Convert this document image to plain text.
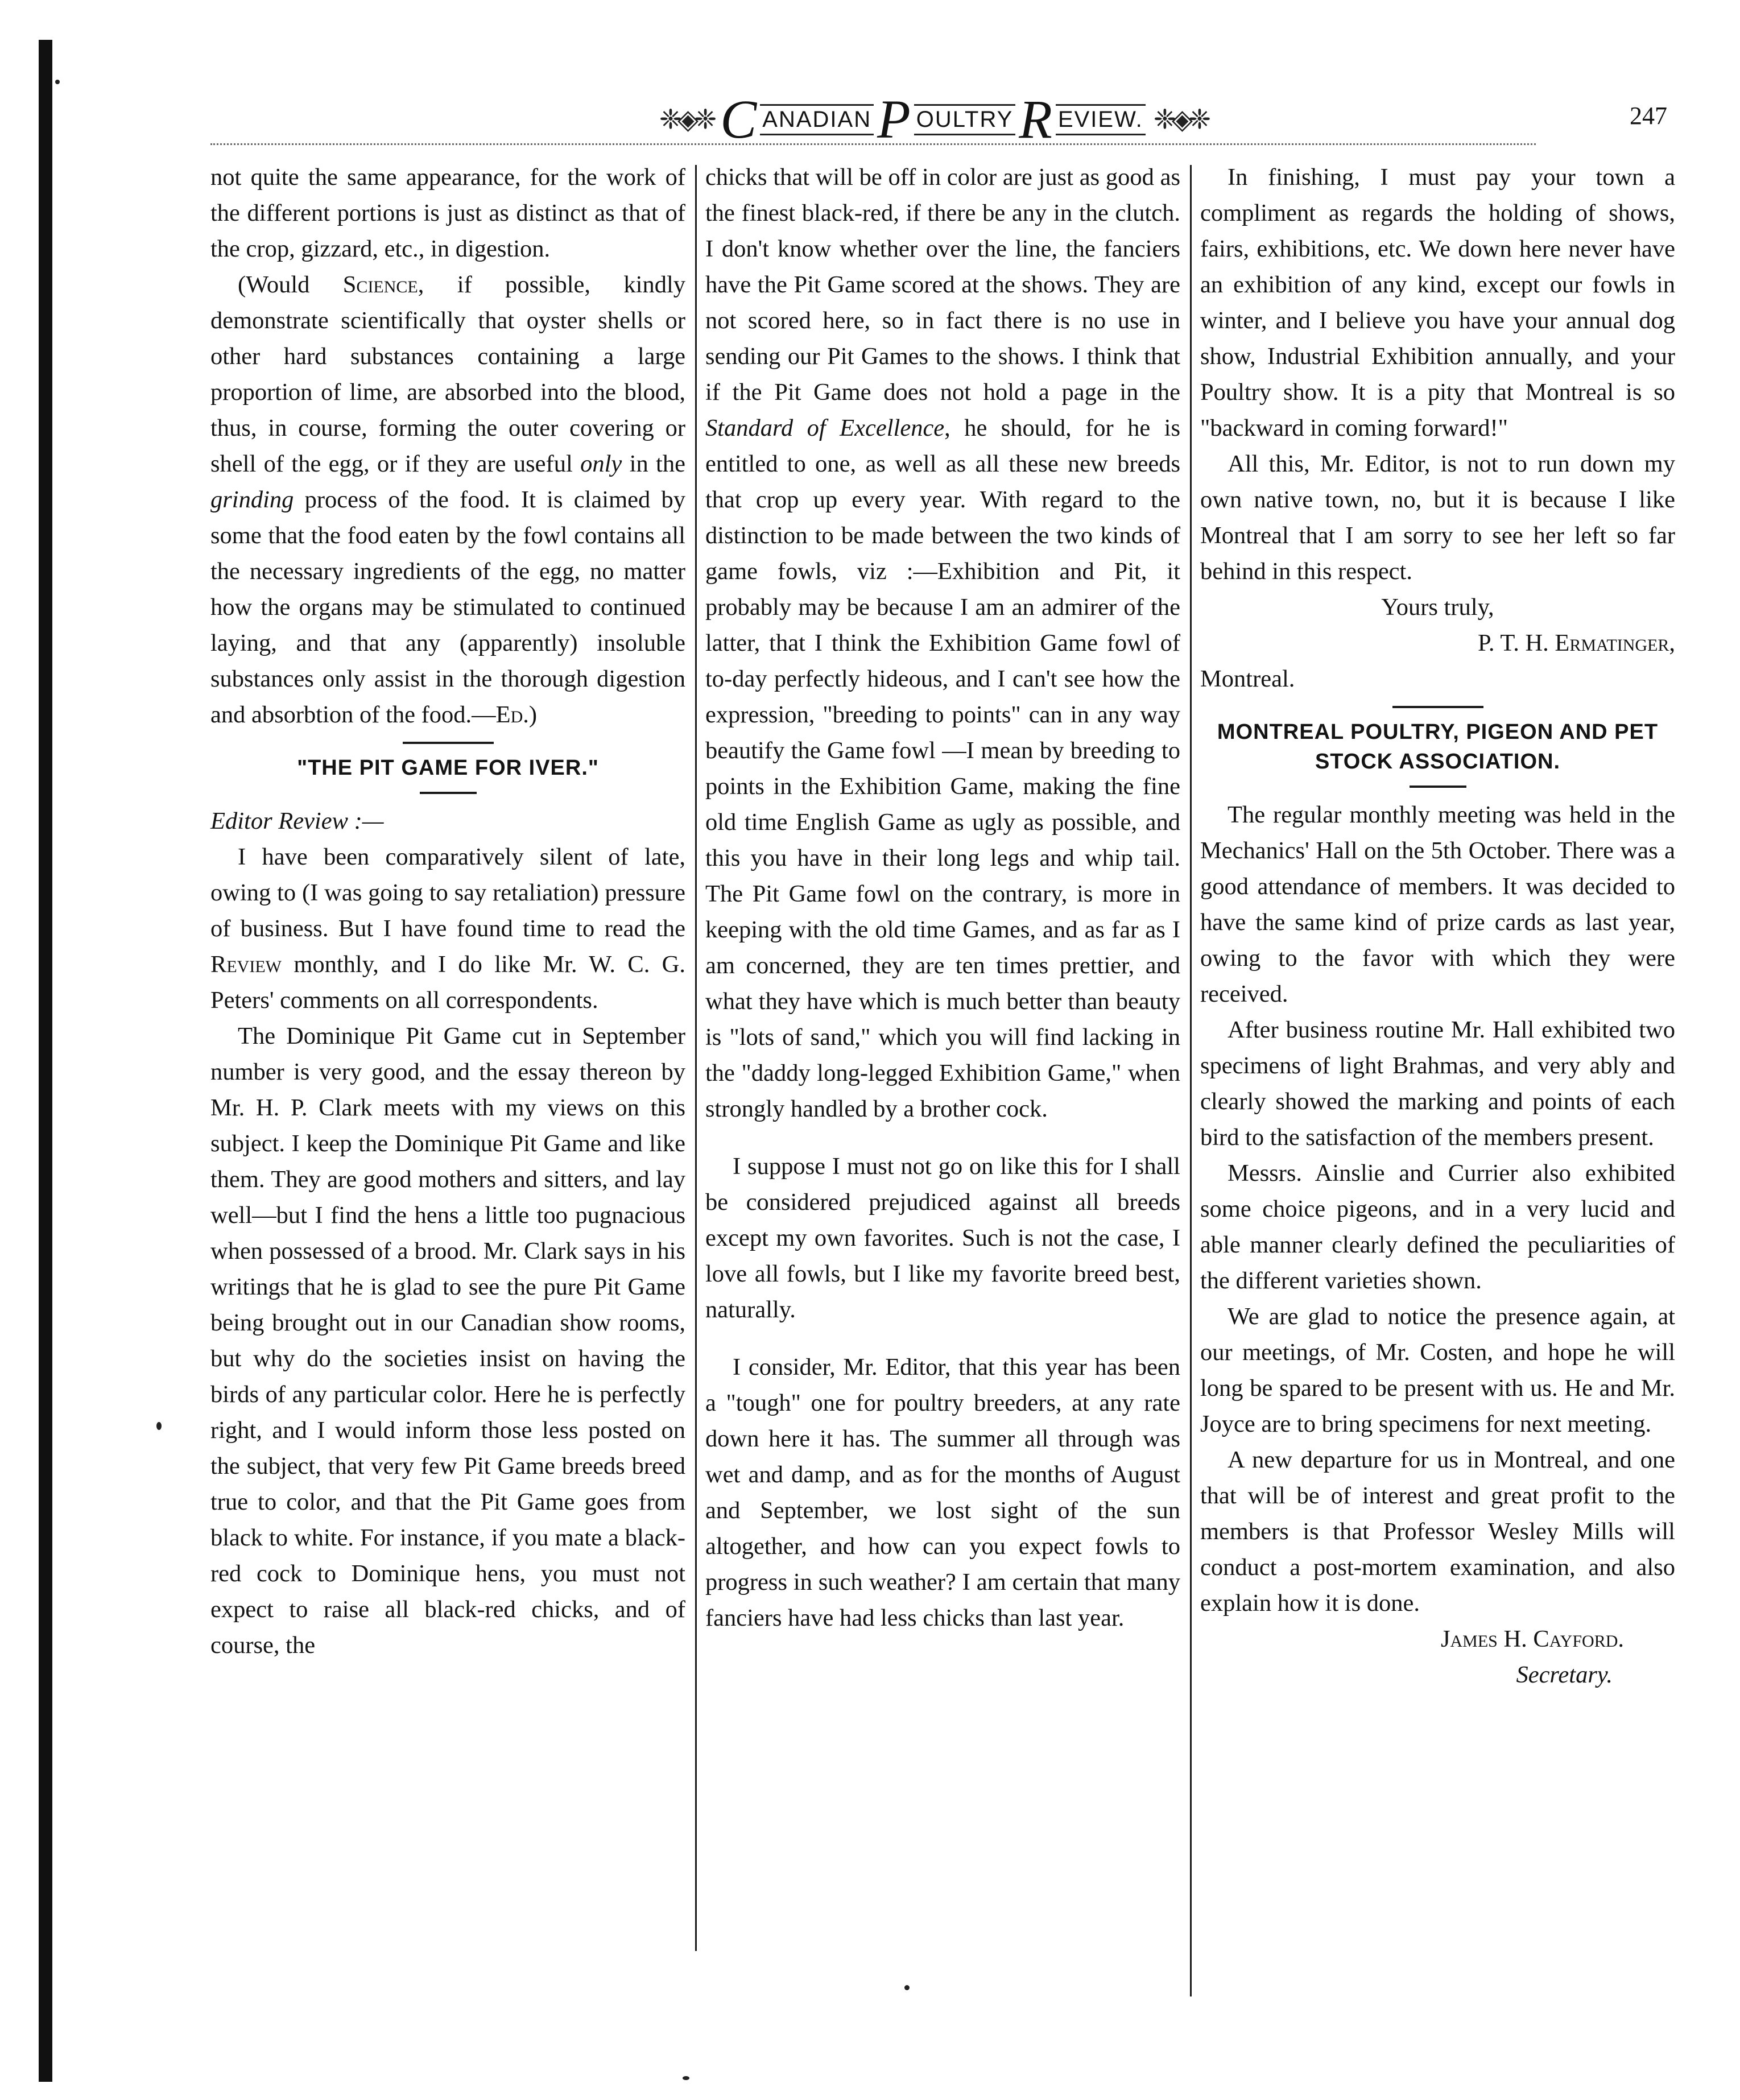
❈◈❈ C ANADIAN P OULTRY R EVIEW. ❈◈❈	247

not quite the same appearance, for the work of the different portions is just as distinct as that of the crop, gizzard, etc., in digestion.

(Would Science, if possible, kindly demonstrate scientifically that oyster shells or other hard substances containing a large proportion of lime, are absorbed into the blood, thus, in course, forming the outer covering or shell of the egg, or if they are useful only in the grinding process of the food. It is claimed by some that the food eaten by the fowl contains all the necessary ingredients of the egg, no matter how the organs may be stimulated to continued laying, and that any (apparently) insoluble substances only assist in the thorough digestion and absorbtion of the food.—Ed.)

"THE PIT GAME FOR IVER."

Editor Review :—

I have been comparatively silent of late, owing to (I was going to say retaliation) pressure of business. But I have found time to read the Review monthly, and I do like Mr. W. C. G. Peters' comments on all correspondents.

The Dominique Pit Game cut in September number is very good, and the essay thereon by Mr. H. P. Clark meets with my views on this subject. I keep the Dominique Pit Game and like them. They are good mothers and sitters, and lay well—but I find the hens a little too pugnacious when possessed of a brood. Mr. Clark says in his writings that he is glad to see the pure Pit Game being brought out in our Canadian show rooms, but why do the societies insist on having the birds of any particular color. Here he is perfectly right, and I would inform those less posted on the subject, that very few Pit Game breeds breed true to color, and that the Pit Game goes from black to white. For instance, if you mate a black-red cock to Dominique hens, you must not expect to raise all black-red chicks, and of course, the

chicks that will be off in color are just as good as the finest black-red, if there be any in the clutch. I don't know whether over the line, the fanciers have the Pit Game scored at the shows. They are not scored here, so in fact there is no use in sending our Pit Games to the shows. I think that if the Pit Game does not hold a page in the Standard of Excellence, he should, for he is entitled to one, as well as all these new breeds that crop up every year. With regard to the distinction to be made between the two kinds of game fowls, viz :—Exhibition and Pit, it probably may be because I am an admirer of the latter, that I think the Exhibition Game fowl of to-day perfectly hideous, and I can't see how the expression, "breeding to points" can in any way beautify the Game fowl —I mean by breeding to points in the Exhibition Game, making the fine old time English Game as ugly as possible, and this you have in their long legs and whip tail. The Pit Game fowl on the contrary, is more in keeping with the old time Games, and as far as I am concerned, they are ten times prettier, and what they have which is much better than beauty is "lots of sand," which you will find lacking in the "daddy long-legged Exhibition Game," when strongly handled by a brother cock.

I suppose I must not go on like this for I shall be considered prejudiced against all breeds except my own favorites. Such is not the case, I love all fowls, but I like my favorite breed best, naturally.

I consider, Mr. Editor, that this year has been a "tough" one for poultry breeders, at any rate down here it has. The summer all through was wet and damp, and as for the months of August and September, we lost sight of the sun altogether, and how can you expect fowls to progress in such weather? I am certain that many fanciers have had less chicks than last year.

In finishing, I must pay your town a compliment as regards the holding of shows, fairs, exhibitions, etc. We down here never have an exhibition of any kind, except our fowls in winter, and I believe you have your annual dog show, Industrial Exhibition annually, and your Poultry show. It is a pity that Montreal is so "backward in coming forward!"

All this, Mr. Editor, is not to run down my own native town, no, but it is because I like Montreal that I am sorry to see her left so far behind in this respect.

Yours truly,

P. T. H. Ermatinger,

Montreal.

MONTREAL POULTRY, PIGEON AND PET STOCK ASSOCIATION.

The regular monthly meeting was held in the Mechanics' Hall on the 5th October. There was a good attendance of members. It was decided to have the same kind of prize cards as last year, owing to the favor with which they were received.

After business routine Mr. Hall exhibited two specimens of light Brahmas, and very ably and clearly showed the marking and points of each bird to the satisfaction of the members present.

Messrs. Ainslie and Currier also exhibited some choice pigeons, and in a very lucid and able manner clearly defined the peculiarities of the different varieties shown.

We are glad to notice the presence again, at our meetings, of Mr. Costen, and hope he will long be spared to be present with us. He and Mr. Joyce are to bring specimens for next meeting.

A new departure for us in Montreal, and one that will be of interest and great profit to the members is that Professor Wesley Mills will conduct a post-mortem examination, and also explain how it is done.

James H. Cayford.

Secretary.
